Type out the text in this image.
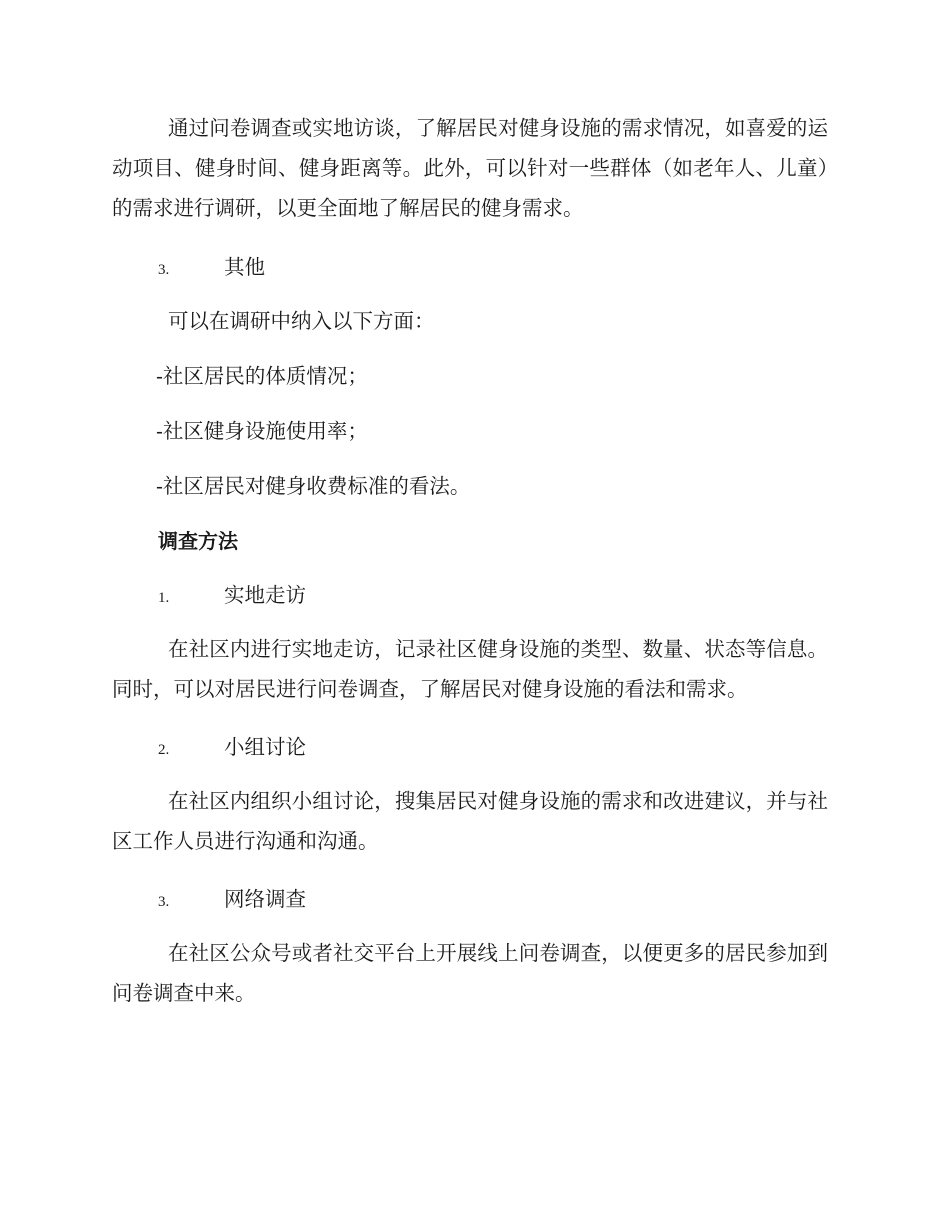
通过问卷调查或实地访谈，了解居民对健身设施的需求情况，如喜爱的运动项目、健身时间、健身距离等。此外，可以针对一些群体（如老年人、儿童）的需求进行调研，以更全面地了解居民的健身需求。

3.	其他

可以在调研中纳入以下方面：

-社区居民的体质情况；

-社区健身设施使用率；

-社区居民对健身收费标准的看法。

调查方法
1.	实地走访

在社区内进行实地走访，记录社区健身设施的类型、数量、状态等信息。同时，可以对居民进行问卷调查，了解居民对健身设施的看法和需求。

2.	小组讨论

在社区内组织小组讨论，搜集居民对健身设施的需求和改进建议，并与社区工作人员进行沟通和沟通。

3.	网络调查

在社区公众号或者社交平台上开展线上问卷调查，以便更多的居民参加到问卷调查中来。
